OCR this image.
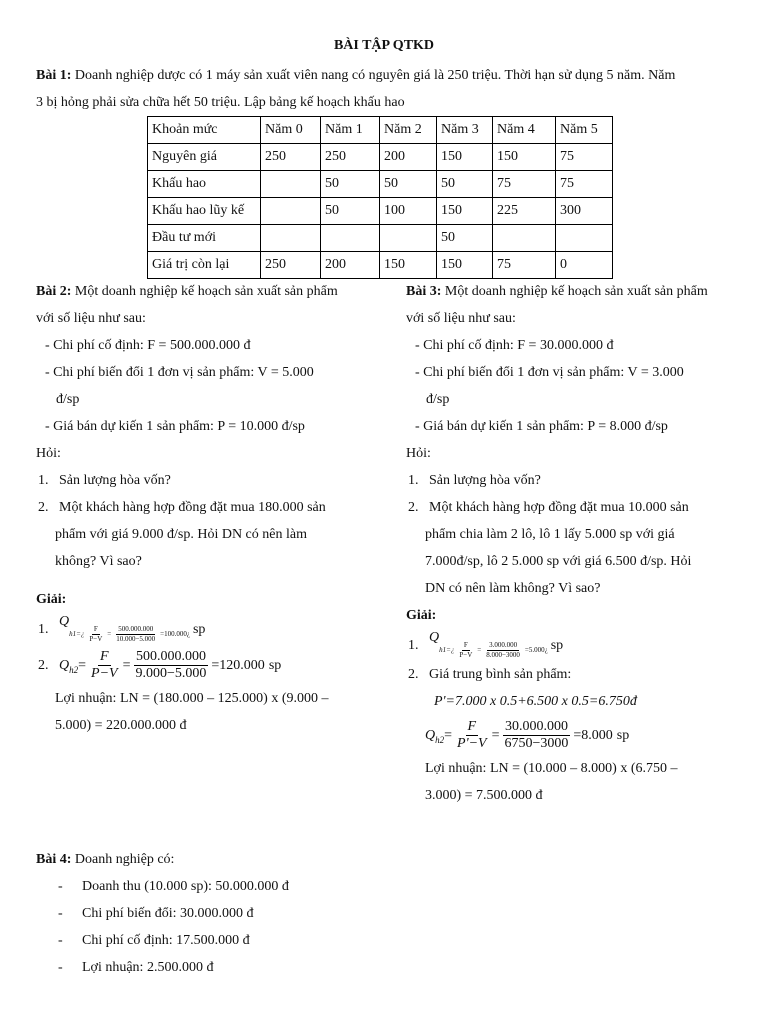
BÀI TẬP QTKD
Bài 1: Doanh nghiệp dược có 1 máy sản xuất viên nang có nguyên giá là 250 triệu. Thời hạn sử dụng 5 năm. Năm
3 bị hỏng phải sửa chữa hết 50 triệu. Lập bảng kế hoạch khấu hao
Khoản mức	Năm 0	Năm 1	Năm 2	Năm 3	Năm 4	Năm 5
Nguyên giá	250	250	200	150	150	75
Khấu hao		50	50	50	75	75
Khấu hao lũy kế		50	100	150	225	300
Đầu tư mới				50		
Giá trị còn lại	250	200	150	150	75	0
Bài 2: Một doanh nghiệp kế hoạch sản xuất sản phẩm
với số liệu như sau:
- Chi phí cố định: F = 500.000.000 đ
- Chi phí biến đổi 1 đơn vị sản phẩm: V = 5.000
đ/sp
- Giá bán dự kiến 1 sản phẩm: P = 10.000 đ/sp
Hỏi:
1. Sản lượng hòa vốn?
2. Một khách hàng hợp đồng đặt mua 180.000 sản
phẩm với giá 9.000 đ/sp. Hỏi DN có nên làm
không? Vì sao?
Giải:
1.
Q
h1=¿ $\frac{F}{P-V} = \frac{500.000.000}{10.000-5.000}$ =100.000¿ sp
2. Q h2 =
F
P−V
= $\frac{500.000.000}{9.000-5.000} =120.000$ sp
Lợi nhuận: LN = (180.000 – 125.000) x (9.000 –
5.000) = 220.000.000 đ
Bài 3: Một doanh nghiệp kế hoạch sản xuất sản phẩm
với số liệu như sau:
- Chi phí cố định: F = 30.000.000 đ
- Chi phí biến đổi 1 đơn vị sản phẩm: V = 3.000
đ/sp
- Giá bán dự kiến 1 sản phẩm: P = 8.000 đ/sp
Hỏi:
1. Sản lượng hòa vốn?
2. Một khách hàng hợp đồng đặt mua 10.000 sản
phẩm chia làm 2 lô, lô 1 lấy 5.000 sp với giá
7.000đ/sp, lô 2 5.000 sp với giá 6.500 đ/sp. Hỏi
DN có nên làm không? Vì sao?
Giải:
1.
Q
h1=¿ $\frac{F}{P-V} = \frac{3.000.000}{8.000-3000}$ =5.000¿ sp
2. Giá trung bình sản phẩm:
P'=7.000 x 0.5+6.500 x 0.5=6.750đ
Q h2 =
F
P'−V
= $\frac{30.000.000}{6750-3000} =8.000$ sp
Lợi nhuận: LN = (10.000 – 8.000) x (6.750 –
3.000) = 7.500.000 đ
Bài 4: Doanh nghiệp có:
- Doanh thu (10.000 sp): 50.000.000 đ
- Chi phí biến đổi: 30.000.000 đ
- Chi phí cố định: 17.500.000 đ
- Lợi nhuận: 2.500.000 đ
